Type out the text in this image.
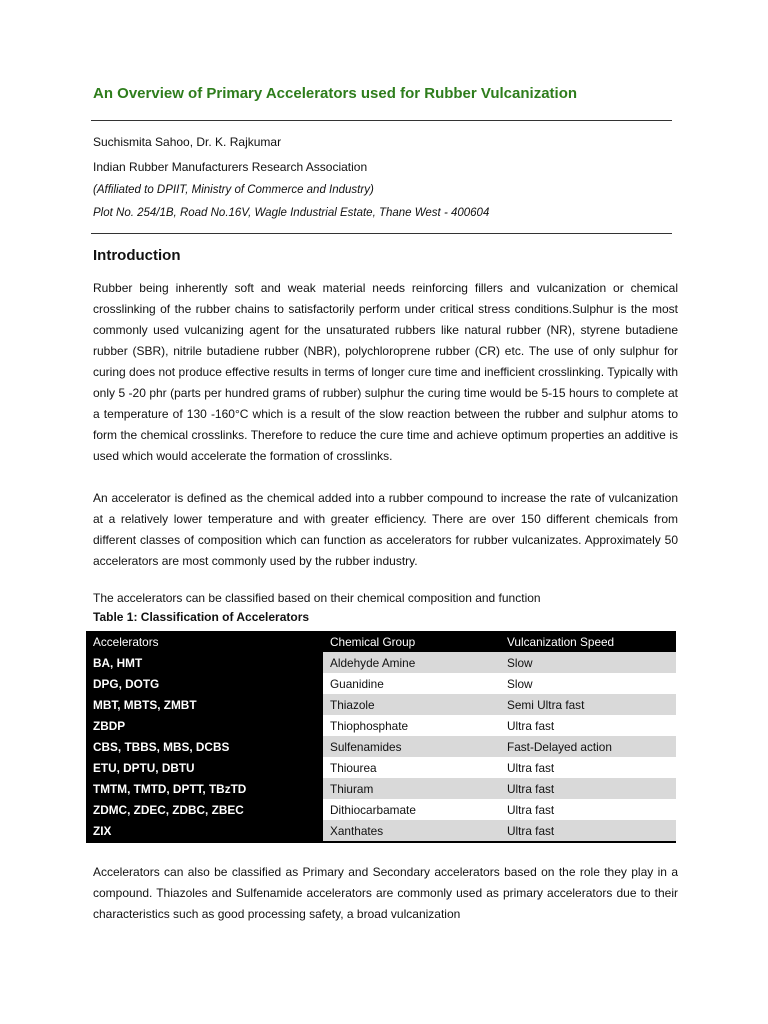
An Overview of Primary Accelerators used for Rubber Vulcanization
Suchismita Sahoo, Dr. K. Rajkumar
Indian Rubber Manufacturers Research Association
(Affiliated to DPIIT, Ministry of Commerce and Industry)
Plot No. 254/1B, Road No.16V, Wagle Industrial Estate, Thane West - 400604
Introduction

Rubber being inherently soft and weak material needs reinforcing fillers and vulcanization or chemical crosslinking of the rubber chains to satisfactorily perform under critical stress conditions.Sulphur is the most commonly used vulcanizing agent for the unsaturated rubbers like natural rubber (NR), styrene butadiene rubber (SBR), nitrile butadiene rubber (NBR), polychloroprene rubber (CR) etc. The use of only sulphur for curing does not produce effective results in terms of longer cure time and inefficient crosslinking. Typically with only 5 -20 phr (parts per hundred grams of rubber) sulphur the curing time would be 5-15 hours to complete at a temperature of 130 -160°C which is a result of the slow reaction between the rubber and sulphur atoms to form the chemical crosslinks. Therefore to reduce the cure time and achieve optimum properties an additive is used which would accelerate the formation of crosslinks.

An accelerator is defined as the chemical added into a rubber compound to increase the rate of vulcanization at a relatively lower temperature and with greater efficiency. There are over 150 different chemicals from different classes of composition which can function as accelerators for rubber vulcanizates. Approximately 50 accelerators are most commonly used by the rubber industry.

The accelerators can be classified based on their chemical composition and function
Table 1: Classification of Accelerators
Accelerators	Chemical Group	Vulcanization Speed
BA, HMT	Aldehyde Amine	Slow
DPG, DOTG	Guanidine	Slow
MBT, MBTS, ZMBT	Thiazole	Semi Ultra fast
ZBDP	Thiophosphate	Ultra fast
CBS, TBBS, MBS, DCBS	Sulfenamides	Fast-Delayed action
ETU, DPTU, DBTU	Thiourea	Ultra fast
TMTM, TMTD, DPTT, TBzTD	Thiuram	Ultra fast
ZDMC, ZDEC, ZDBC, ZBEC	Dithiocarbamate	Ultra fast
ZIX	Xanthates	Ultra fast

Accelerators can also be classified as Primary and Secondary accelerators based on the role they play in a compound. Thiazoles and Sulfenamide accelerators are commonly used as primary accelerators due to their characteristics such as good processing safety, a broad vulcanization
